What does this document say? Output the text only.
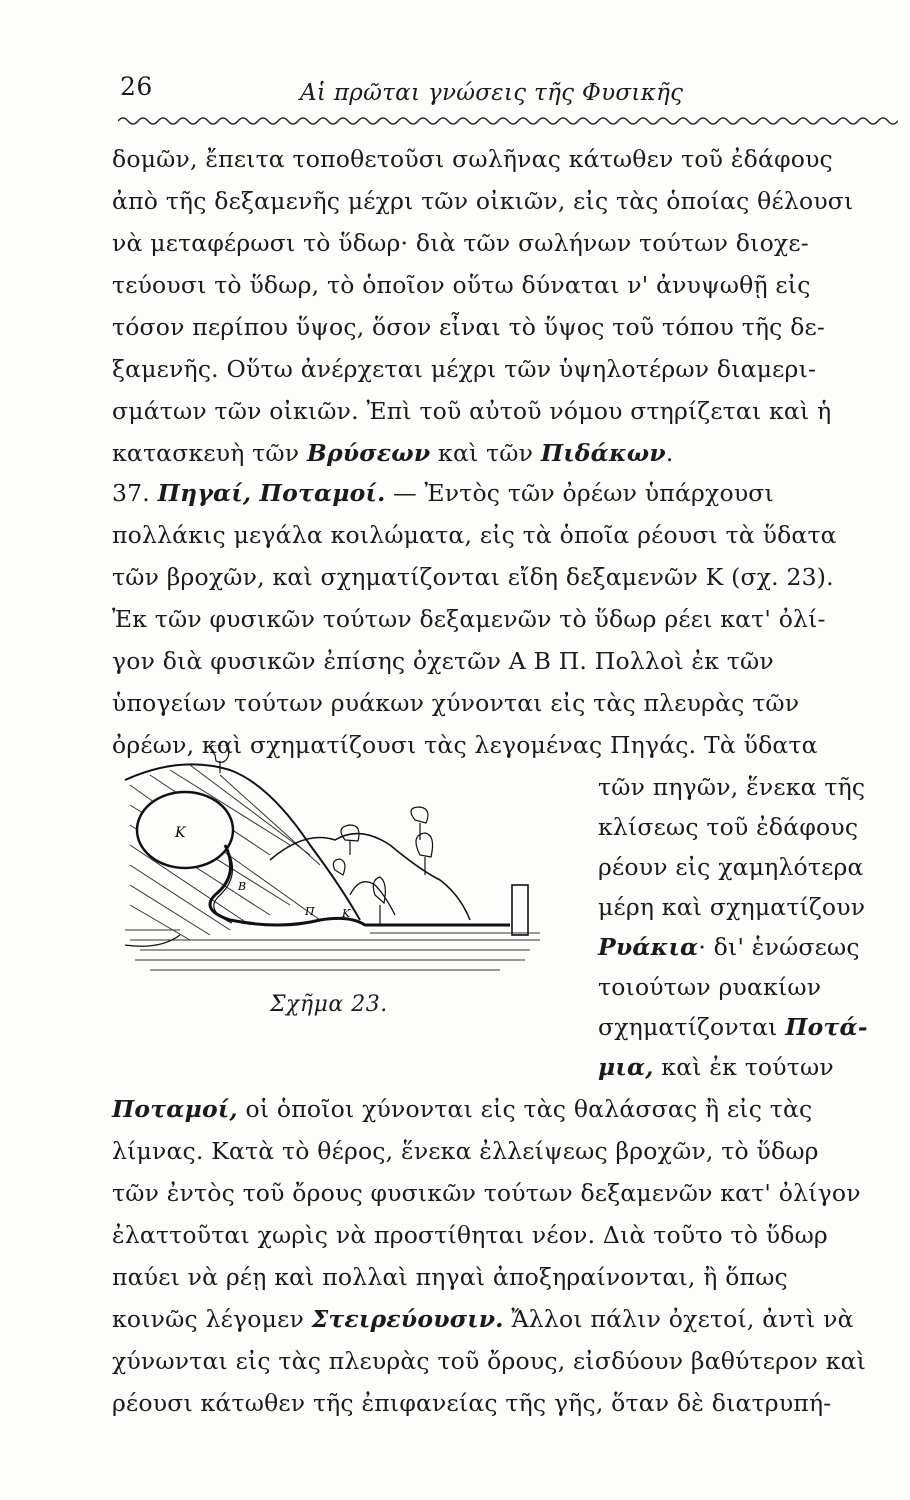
26	Αἱ πρῶται γνώσεις τῆς Φυσικῆς
δομῶν, ἔπειτα τοποθετοῦσι σωλῆνας κάτωθεν τοῦ ἐδάφους
ἀπὸ τῆς δεξαμενῆς μέχρι τῶν οἰκιῶν, εἰς τὰς ὁποίας θέλουσι
νὰ μεταφέρωσι τὸ ὕδωρ· διὰ τῶν σωλήνων τούτων διοχε-
τεύουσι τὸ ὕδωρ, τὸ ὁποῖον οὕτω δύναται ν' ἀνυψωθῇ εἰς
τόσον περίπου ὕψος, ὅσον εἶναι τὸ ὕψος τοῦ τόπου τῆς δε-
ξαμενῆς. Οὕτω ἀνέρχεται μέχρι τῶν ὑψηλοτέρων διαμερι-
σμάτων τῶν οἰκιῶν. Ἐπὶ τοῦ αὐτοῦ νόμου στηρίζεται καὶ ἡ
κατασκευὴ τῶν Βρύσεων καὶ τῶν Πιδάκων.
37. Πηγαί, Ποταμοί. — Ἐντὸς τῶν ὀρέων ὑπάρχουσι
πολλάκις μεγάλα κοιλώματα, εἰς τὰ ὁποῖα ρέουσι τὰ ὕδατα
τῶν βροχῶν, καὶ σχηματίζονται εἴδη δεξαμενῶν Κ (σχ. 23).
Ἐκ τῶν φυσικῶν τούτων δεξαμενῶν τὸ ὕδωρ ρέει κατ' ὀλί-
γον διὰ φυσικῶν ἐπίσης ὀχετῶν Α Β Π. Πολλοὶ ἐκ τῶν
ὑπογείων τούτων ρυάκων χύνονται εἰς τὰς πλευρὰς τῶν
ὀρέων, καὶ σχηματίζουσι τὰς λεγομένας Πηγάς. Τὰ ὕδατα
τῶν πηγῶν, ἕνεκα τῆς
κλίσεως τοῦ ἐδάφους
ρέουν εἰς χαμηλότερα
μέρη καὶ σχηματίζουν
Ρυάκια· δι' ἑνώσεως
τοιούτων ρυακίων
σχηματίζονται Ποτά-
μια, καὶ ἐκ τούτων
Ποταμοί, οἱ ὁποῖοι χύνονται εἰς τὰς θαλάσσας ἢ εἰς τὰς
λίμνας. Κατὰ τὸ θέρος, ἕνεκα ἐλλείψεως βροχῶν, τὸ ὕδωρ
τῶν ἐντὸς τοῦ ὄρους φυσικῶν τούτων δεξαμενῶν κατ' ὀλίγον
ἐλαττοῦται χωρὶς νὰ προστίθηται νέον. Διὰ τοῦτο τὸ ὕδωρ
παύει νὰ ρέῃ καὶ πολλαὶ πηγαὶ ἀποξηραίνονται, ἢ ὅπως
κοινῶς λέγομεν Στειρεύουσιν. Ἄλλοι πάλιν ὀχετοί, ἀντὶ νὰ
χύνωνται εἰς τὰς πλευρὰς τοῦ ὄρους, εἰσδύουν βαθύτερον καὶ
ρέουσι κάτωθεν τῆς ἐπιφανείας τῆς γῆς, ὅταν δὲ διατρυπή-
Κ
Β
Π Κ
Σχῆμα 23.
